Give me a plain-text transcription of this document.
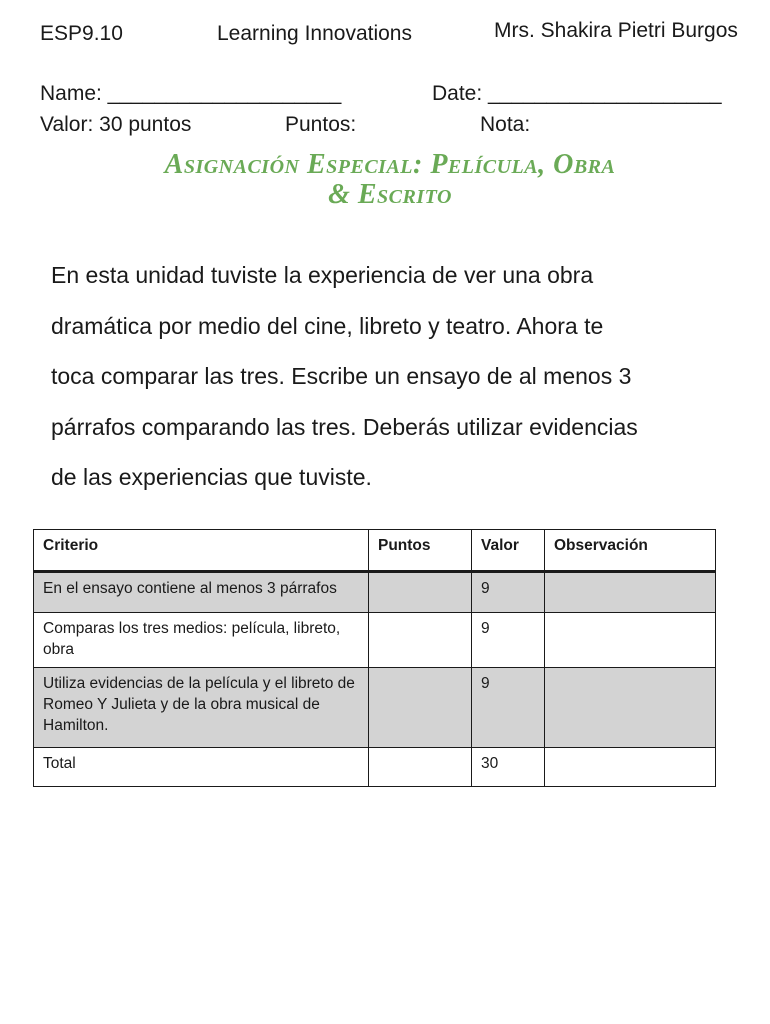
ESP9.10	Learning Innovations	Mrs. Shakira Pietri Burgos
Name: ____________________	Date: ____________________
Valor: 30 puntos	Puntos:	Nota:
Asignación Especial: Película, Obra
& Escrito
En esta unidad tuviste la experiencia de ver una obra
dramática por medio del cine, libreto y teatro. Ahora te
toca comparar las tres. Escribe un ensayo de al menos 3
párrafos comparando las tres. Deberás utilizar evidencias
de las experiencias que tuviste.
Criterio	Puntos	Valor	Observación
En el ensayo contiene al menos 3 párrafos		9	
Comparas los tres medios: película, libreto, obra		9	
Utiliza evidencias de la película y el libreto de Romeo Y Julieta y de la obra musical de Hamilton.		9	
Total		30	
